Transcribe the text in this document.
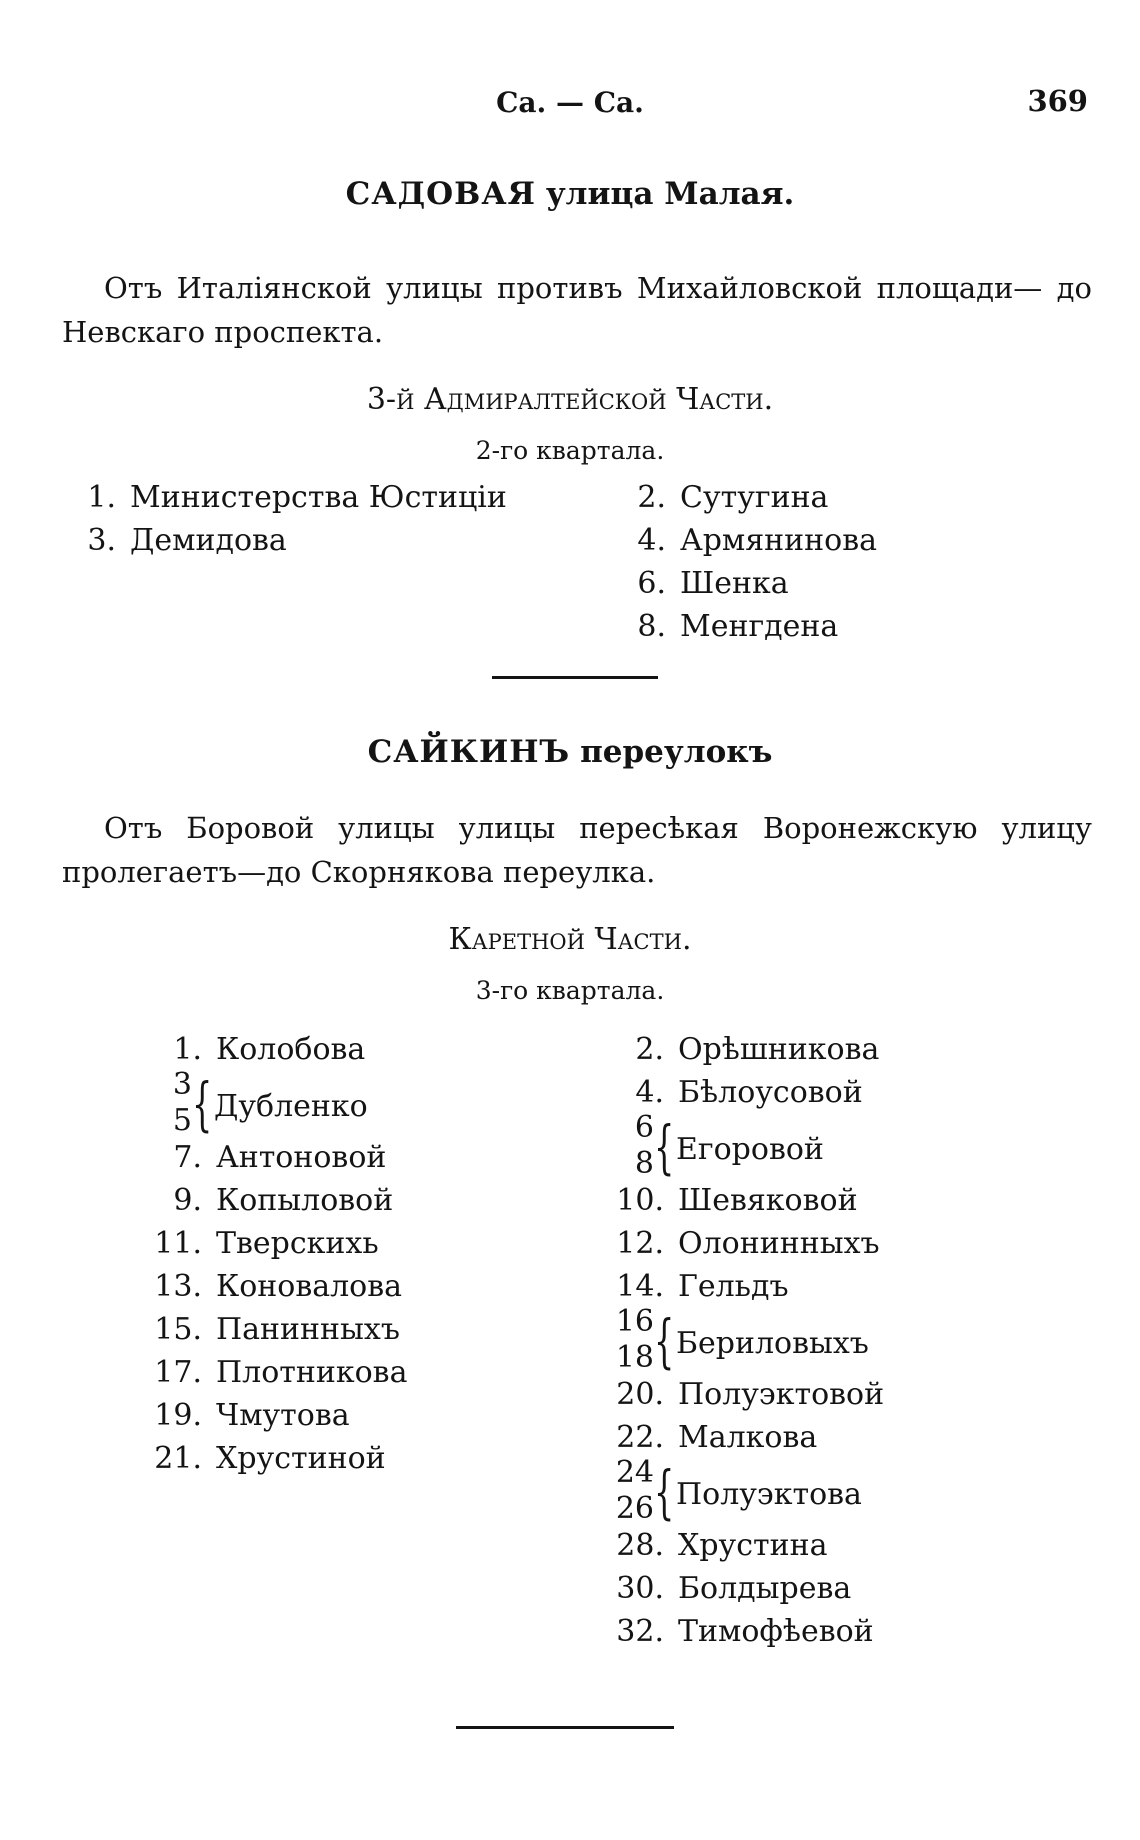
Са. — Са.	369
САДОВАЯ улица Малая.
Отъ Италіянской улицы противъ Михайловской площади— до Невскаго проспекта.
3-й Адмиралтейской Части.
2-го квартала.
1. Министерства Юстиціи
3. Демидова
2. Сутугина
4. Армянинова
6. Шенка
8. Менгдена
САЙКИНЪ переулокъ
Отъ Боровой улицы улицы пересѣкая Воронежскую улицу пролегаетъ—до Скорнякова переулка.
Каретной Части.
3-го квартала.
1. Колобова
3
5 { Дубленко
7. Антоновой
9. Копыловой
11. Тверскихь
13. Коновалова
15. Панинныхъ
17. Плотникова
19. Чмутова
21. Хрустиной
2. Орѣшникова
4. Бѣлоусовой
6
8 { Егоровой
10. Шевяковой
12. Олонинныхъ
14. Гельдъ
16
18 { Бериловыхъ
20. Полуэктовой
22. Малкова
24
26 { Полуэктова
28. Хрустина
30. Болдырева
32. Тимофѣевой
